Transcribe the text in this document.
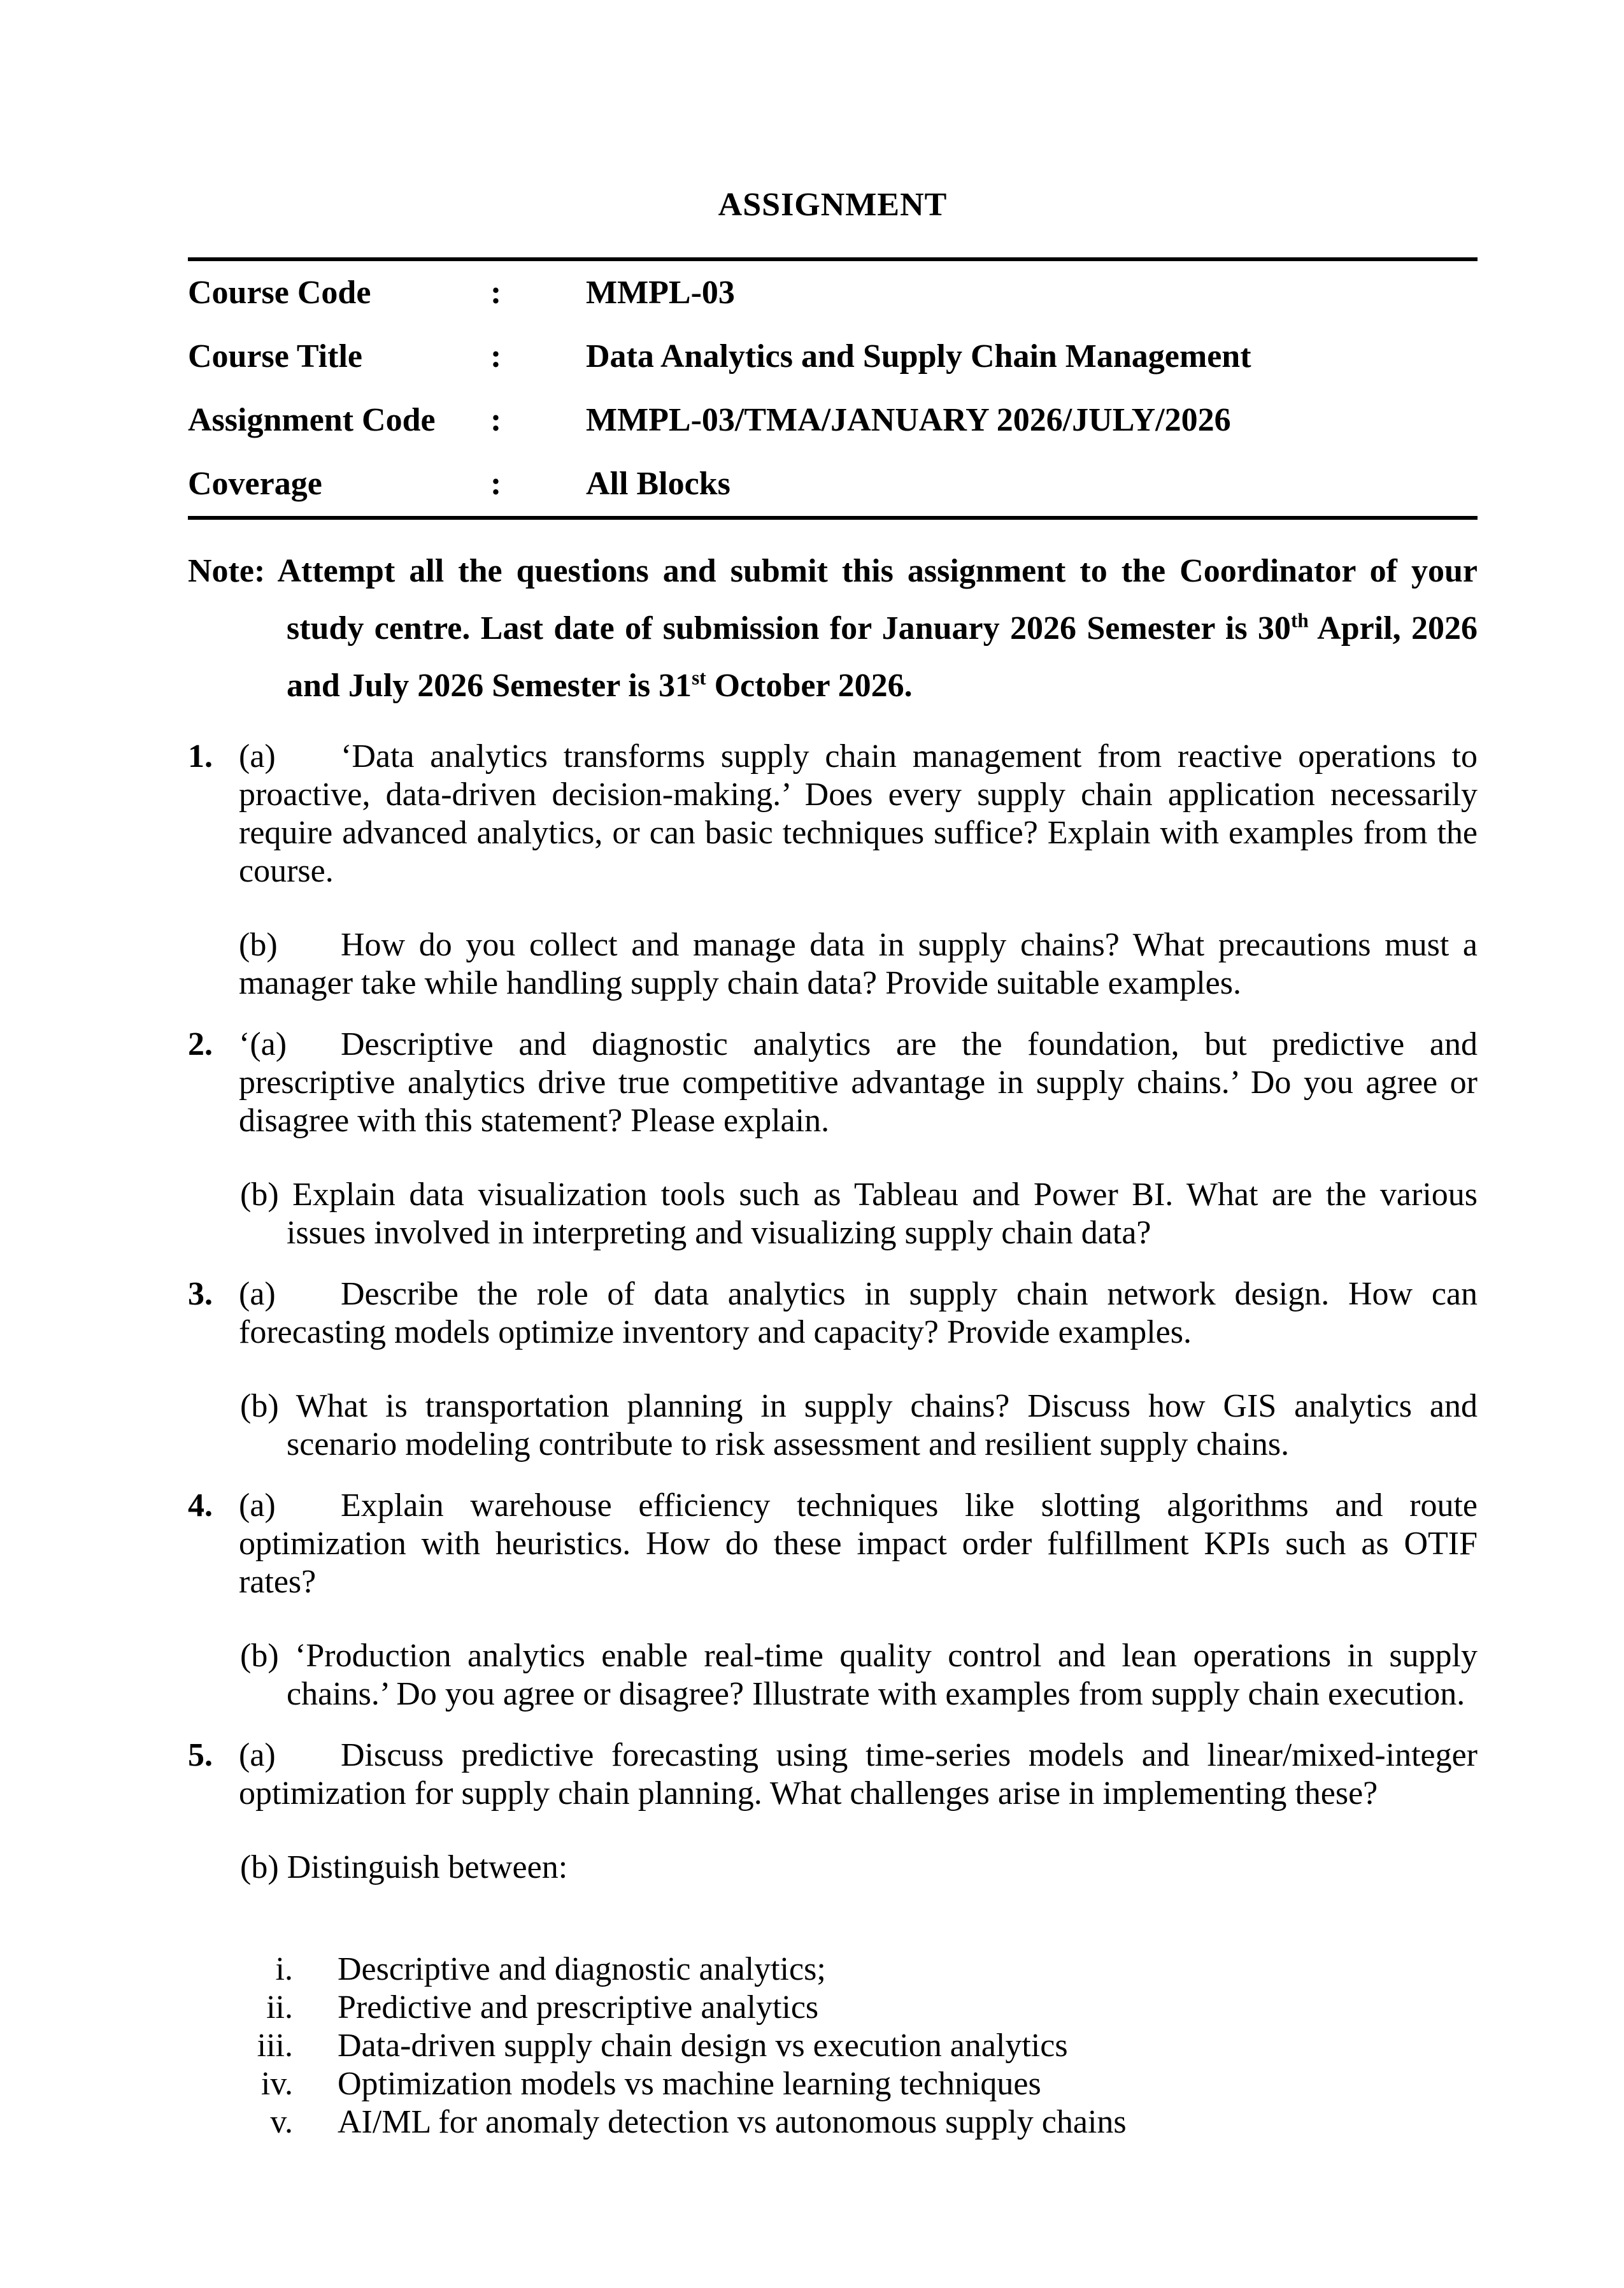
ASSIGNMENT
Course Code	:	MMPL-03
Course Title	:	Data Analytics and Supply Chain Management
Assignment Code	:	MMPL-03/TMA/JANUARY 2026/JULY/2026
Coverage	:	All Blocks
Note: Attempt all the questions and submit this assignment to the Coordinator of your
study centre. Last date of submission for January 2026 Semester is 30th April, 2026
and July 2026 Semester is 31st October 2026.
1. (a) ‘Data analytics transforms supply chain management from reactive operations to proactive, data-driven decision-making.’ Does every supply chain application necessarily require advanced analytics, or can basic techniques suffice? Explain with examples from the course.
(b) How do you collect and manage data in supply chains? What precautions must a manager take while handling supply chain data? Provide suitable examples.
2. ‘(a) Descriptive and diagnostic analytics are the foundation, but predictive and prescriptive analytics drive true competitive advantage in supply chains.’ Do you agree or disagree with this statement? Please explain.
(b) Explain data visualization tools such as Tableau and Power BI. What are the various issues involved in interpreting and visualizing supply chain data?
3. (a) Describe the role of data analytics in supply chain network design. How can forecasting models optimize inventory and capacity? Provide examples.
(b) What is transportation planning in supply chains? Discuss how GIS analytics and scenario modeling contribute to risk assessment and resilient supply chains.
4. (a) Explain warehouse efficiency techniques like slotting algorithms and route optimization with heuristics. How do these impact order fulfillment KPIs such as OTIF rates?
(b) ‘Production analytics enable real-time quality control and lean operations in supply chains.’ Do you agree or disagree? Illustrate with examples from supply chain execution.
5. (a) Discuss predictive forecasting using time-series models and linear/mixed-integer optimization for supply chain planning. What challenges arise in implementing these?
(b) Distinguish between:
i. Descriptive and diagnostic analytics;
ii. Predictive and prescriptive analytics
iii. Data-driven supply chain design vs execution analytics
iv. Optimization models vs machine learning techniques
v. AI/ML for anomaly detection vs autonomous supply chains
